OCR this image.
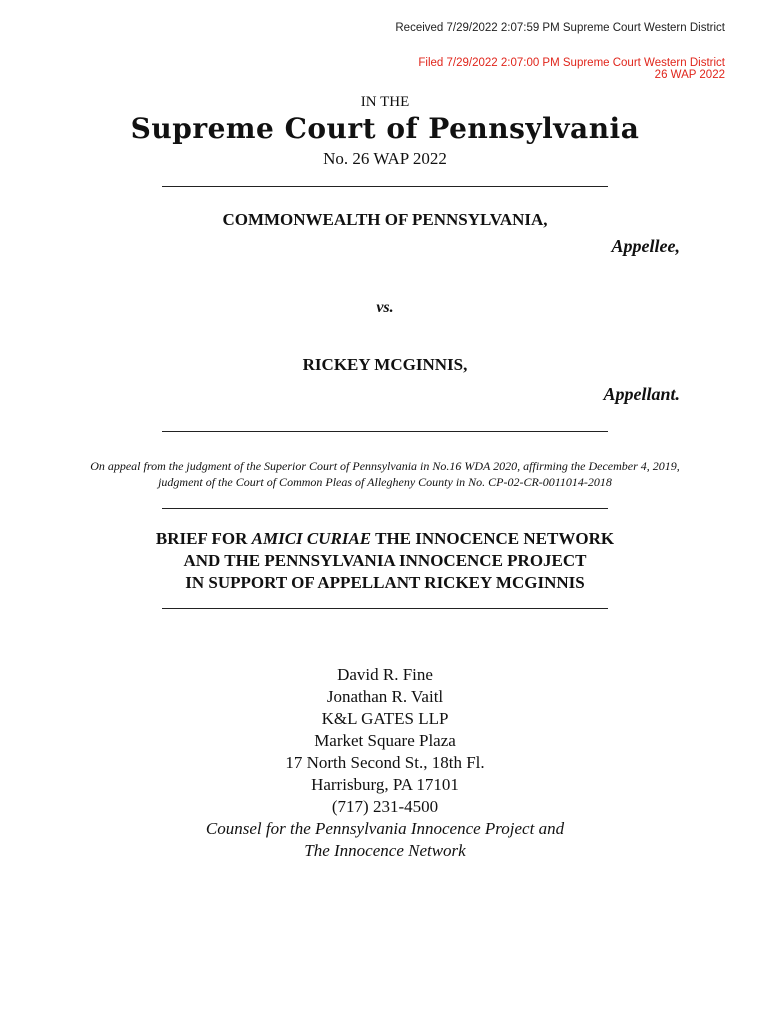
Received 7/29/2022 2:07:59 PM Supreme Court Western District
Filed 7/29/2022 2:07:00 PM Supreme Court Western District
26 WAP 2022
IN THE
Supreme Court of Pennsylvania
No. 26 WAP 2022
COMMONWEALTH OF PENNSYLVANIA,
Appellee,
vs.
RICKEY MCGINNIS,
Appellant.
On appeal from the judgment of the Superior Court of Pennsylvania in No.16 WDA 2020, affirming the December 4, 2019,
judgment of the Court of Common Pleas of Allegheny County in No. CP-02-CR-0011014-2018
BRIEF FOR AMICI CURIAE THE INNOCENCE NETWORK
AND THE PENNSYLVANIA INNOCENCE PROJECT
IN SUPPORT OF APPELLANT RICKEY MCGINNIS
David R. Fine
Jonathan R. Vaitl
K&L GATES LLP
Market Square Plaza
17 North Second St., 18th Fl.
Harrisburg, PA 17101
(717) 231-4500
Counsel for the Pennsylvania Innocence Project and
The Innocence Network
